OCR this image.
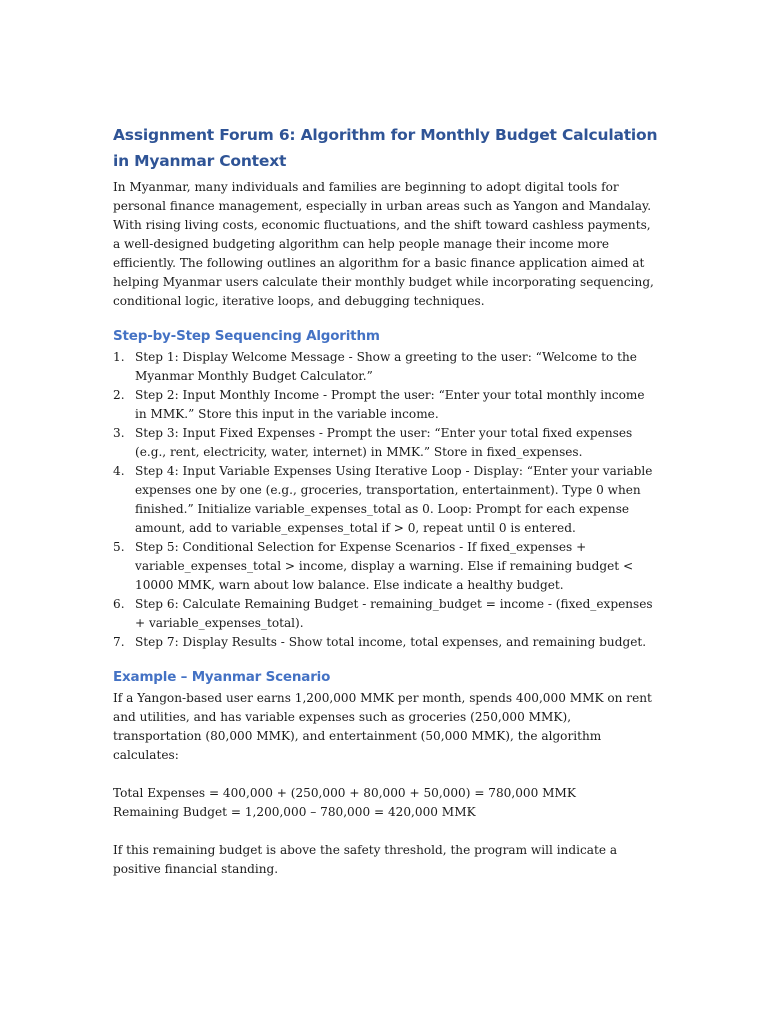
Assignment Forum 6: Algorithm for Monthly Budget Calculation in Myanmar Context

In Myanmar, many individuals and families are beginning to adopt digital tools for personal finance management, especially in urban areas such as Yangon and Mandalay. With rising living costs, economic fluctuations, and the shift toward cashless payments, a well-designed budgeting algorithm can help people manage their income more efficiently. The following outlines an algorithm for a basic finance application aimed at helping Myanmar users calculate their monthly budget while incorporating sequencing, conditional logic, iterative loops, and debugging techniques.

Step-by-Step Sequencing Algorithm
1. Step 1: Display Welcome Message - Show a greeting to the user: “Welcome to the Myanmar Monthly Budget Calculator.”
2. Step 2: Input Monthly Income - Prompt the user: “Enter your total monthly income in MMK.” Store this input in the variable income.
3. Step 3: Input Fixed Expenses - Prompt the user: “Enter your total fixed expenses (e.g., rent, electricity, water, internet) in MMK.” Store in fixed_expenses.
4. Step 4: Input Variable Expenses Using Iterative Loop - Display: “Enter your variable expenses one by one (e.g., groceries, transportation, entertainment). Type 0 when finished.” Initialize variable_expenses_total as 0. Loop: Prompt for each expense amount, add to variable_expenses_total if > 0, repeat until 0 is entered.
5. Step 5: Conditional Selection for Expense Scenarios - If fixed_expenses + variable_expenses_total > income, display a warning. Else if remaining budget < 10000 MMK, warn about low balance. Else indicate a healthy budget.
6. Step 6: Calculate Remaining Budget - remaining_budget = income - (fixed_expenses + variable_expenses_total).
7. Step 7: Display Results - Show total income, total expenses, and remaining budget.
Example – Myanmar Scenario

If a Yangon-based user earns 1,200,000 MMK per month, spends 400,000 MMK on rent and utilities, and has variable expenses such as groceries (250,000 MMK), transportation (80,000 MMK), and entertainment (50,000 MMK), the algorithm calculates:

Total Expenses = 400,000 + (250,000 + 80,000 + 50,000) = 780,000 MMK

Remaining Budget = 1,200,000 – 780,000 = 420,000 MMK

If this remaining budget is above the safety threshold, the program will indicate a positive financial standing.
